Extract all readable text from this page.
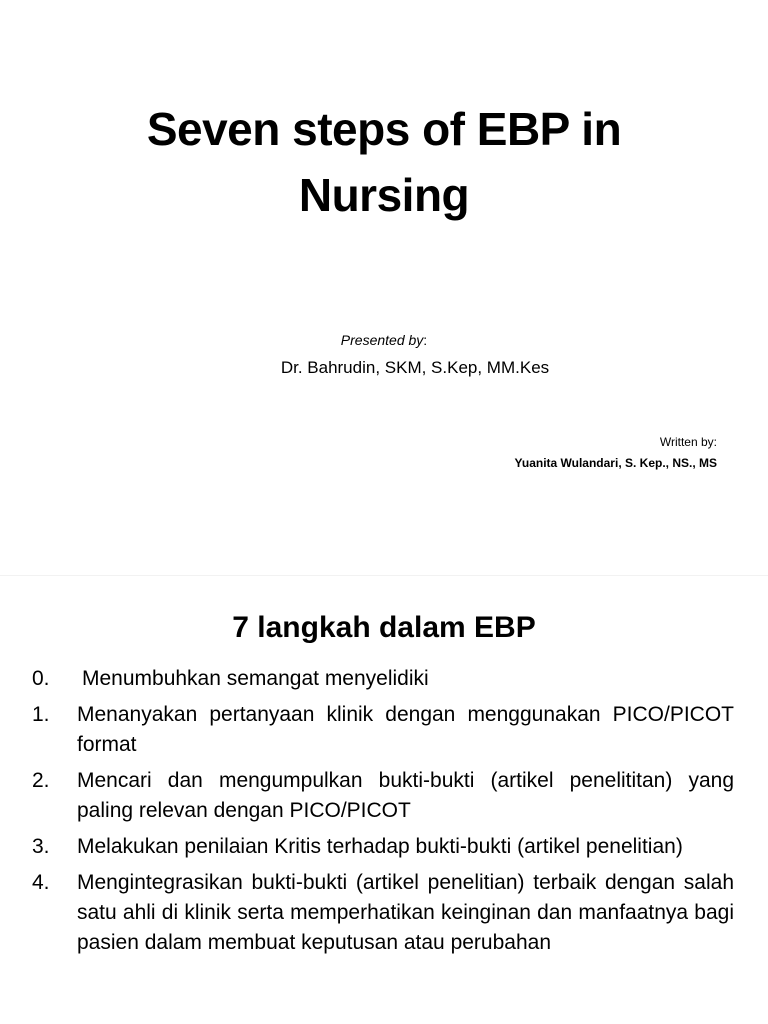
Seven steps of EBP in
Nursing
Presented by:
Dr. Bahrudin, SKM, S.Kep, MM.Kes
Written by:
Yuanita Wulandari, S. Kep., NS., MS
7 langkah dalam EBP
0.	Menumbuhkan semangat menyelidiki
1.	Menanyakan pertanyaan klinik dengan menggunakan PICO/PICOT format
2.	Mencari dan mengumpulkan bukti-bukti (artikel penelititan) yang paling relevan dengan PICO/PICOT
3.	Melakukan penilaian Kritis terhadap bukti-bukti (artikel penelitian)
4.	Mengintegrasikan bukti-bukti (artikel penelitian) terbaik dengan salah satu ahli di klinik serta memperhatikan keinginan dan manfaatnya bagi pasien dalam membuat keputusan atau perubahan
